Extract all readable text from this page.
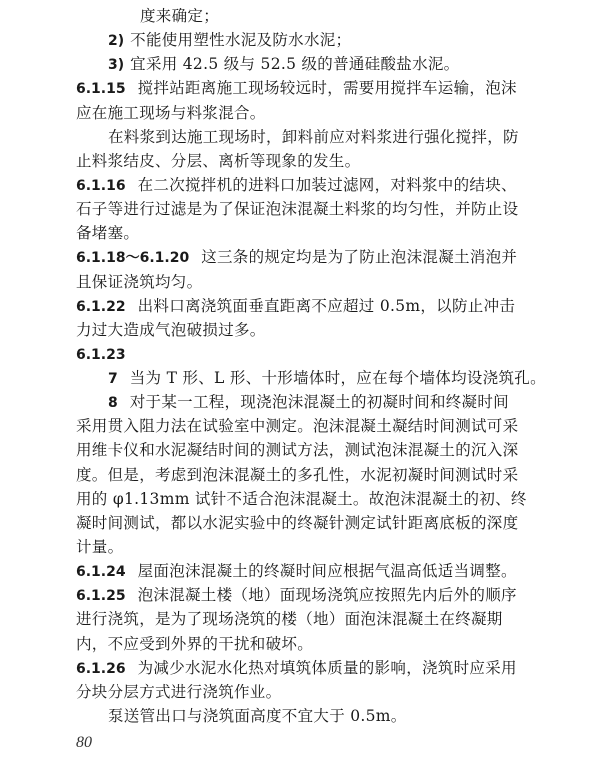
度来确定；
2) 不能使用塑性水泥及防水水泥；
3) 宜采用 42.5 级与 52.5 级的普通硅酸盐水泥。
6.1.15 搅拌站距离施工现场较远时，需要用搅拌车运输，泡沫
应在施工现场与料浆混合。
在料浆到达施工现场时，卸料前应对料浆进行强化搅拌，防
止料浆结皮、分层、离析等现象的发生。
6.1.16 在二次搅拌机的进料口加装过滤网，对料浆中的结块、
石子等进行过滤是为了保证泡沫混凝土料浆的均匀性，并防止设
备堵塞。
6.1.18～6.1.20 这三条的规定均是为了防止泡沫混凝土消泡并
且保证浇筑均匀。
6.1.22 出料口离浇筑面垂直距离不应超过 0.5m，以防止冲击
力过大造成气泡破损过多。
6.1.23
7 当为 T 形、L 形、十形墙体时，应在每个墙体均设浇筑孔。
8 对于某一工程，现浇泡沫混凝土的初凝时间和终凝时间
采用贯入阻力法在试验室中测定。泡沫混凝土凝结时间测试可采
用维卡仪和水泥凝结时间的测试方法，测试泡沫混凝土的沉入深
度。但是，考虑到泡沫混凝土的多孔性，水泥初凝时间测试时采
用的 φ1.13mm 试针不适合泡沫混凝土。故泡沫混凝土的初、终
凝时间测试，都以水泥实验中的终凝针测定试针距离底板的深度
计量。
6.1.24 屋面泡沫混凝土的终凝时间应根据气温高低适当调整。
6.1.25 泡沫混凝土楼（地）面现场浇筑应按照先内后外的顺序
进行浇筑，是为了现场浇筑的楼（地）面泡沫混凝土在终凝期
内，不应受到外界的干扰和破坏。
6.1.26 为减少水泥水化热对填筑体质量的影响，浇筑时应采用
分块分层方式进行浇筑作业。
泵送管出口与浇筑面高度不宜大于 0.5m。
80
